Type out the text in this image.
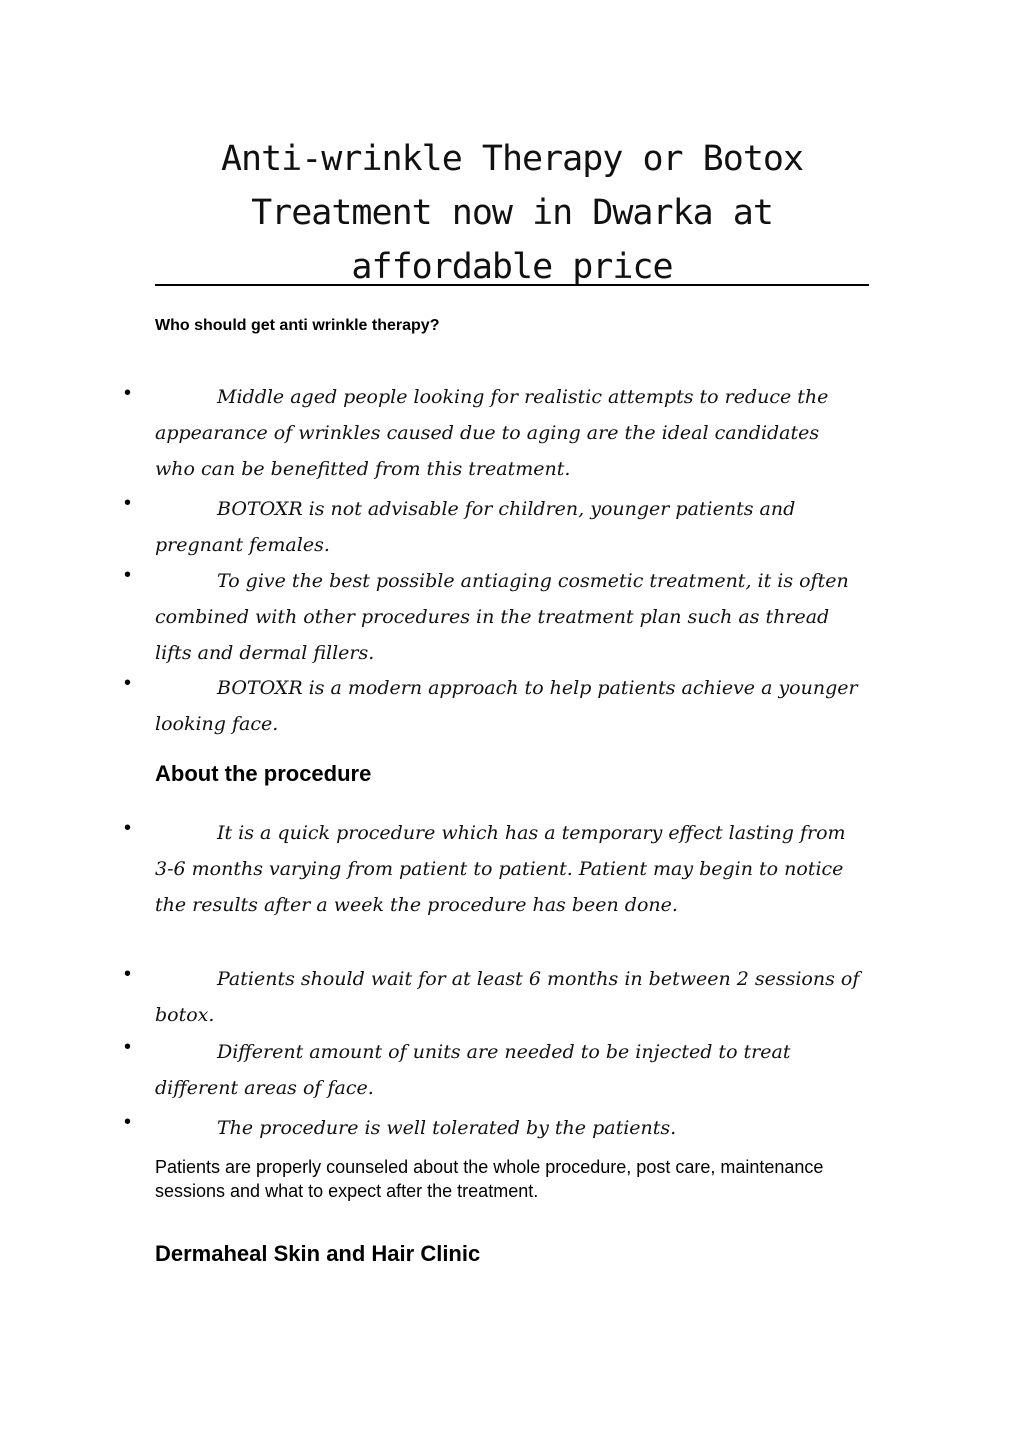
Anti-wrinkle Therapy or Botox Treatment now in Dwarka at affordable price
Who should get anti wrinkle therapy?
•	Middle aged people looking for realistic attempts to reduce the appearance of wrinkles caused due to aging are the ideal candidates who can be benefitted from this treatment.

•	BOTOXR is not advisable for children, younger patients and pregnant females.

•	To give the best possible antiaging cosmetic treatment, it is often combined with other procedures in the treatment plan such as thread lifts and dermal fillers.

•	BOTOXR is a modern approach to help patients achieve a younger looking face.

About the procedure
•	It is a quick procedure which has a temporary effect lasting from 3-6 months varying from patient to patient. Patient may begin to notice the results after a week the procedure has been done.

•	Patients should wait for at least 6 months in between 2 sessions of botox.

•	Different amount of units are needed to be injected to treat different areas of face.

•	The procedure is well tolerated by the patients.

Patients are properly counseled about the whole procedure, post care, maintenance sessions and what to expect after the treatment.

Dermaheal Skin and Hair Clinic
